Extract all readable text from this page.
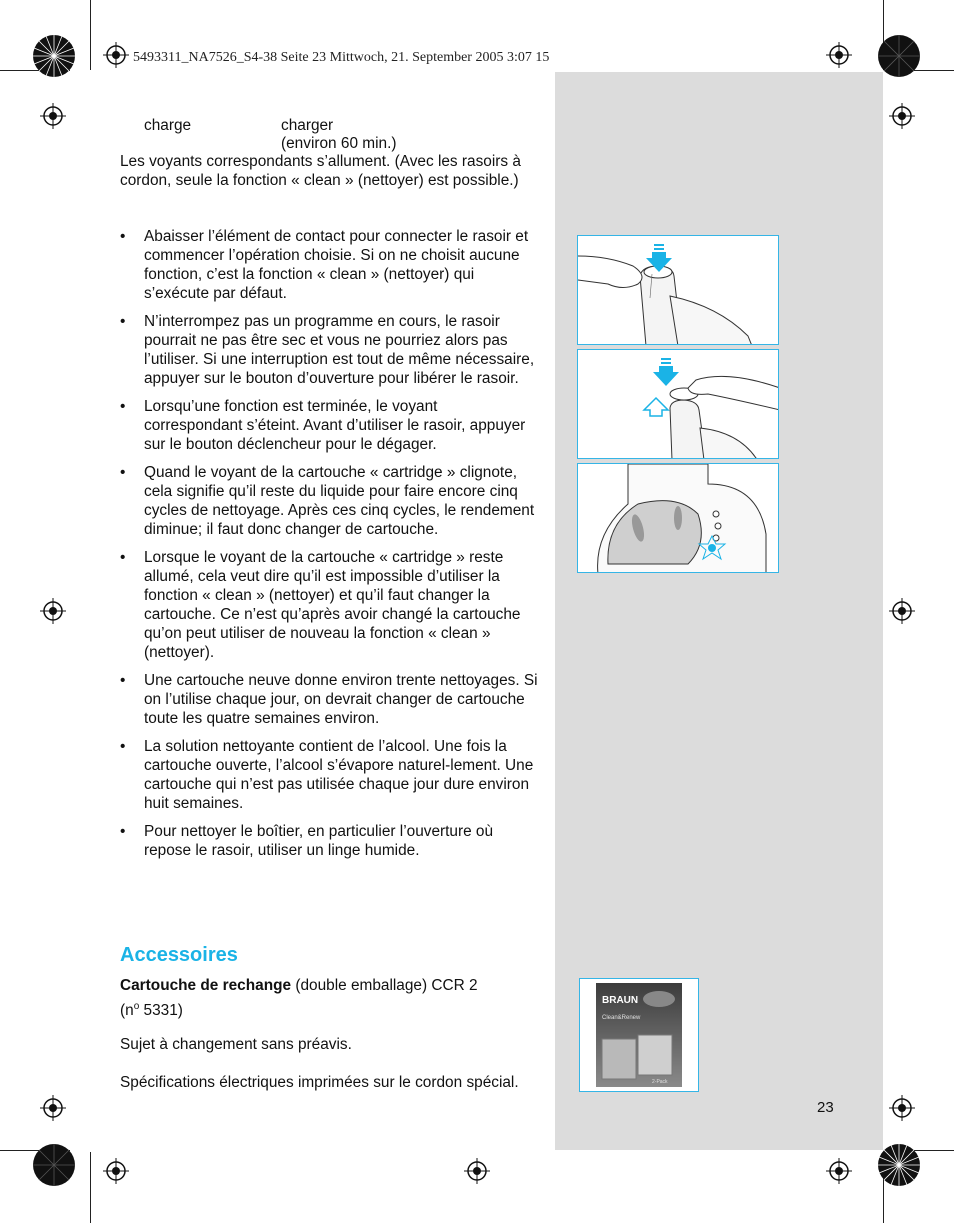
5493311_NA7526_S4-38 Seite 23 Mittwoch, 21. September 2005 3:07 15
charge	charger
(environ 60 min.)
Les voyants correspondants s’allument. (Avec les rasoirs à cordon, seule la fonction « clean » (nettoyer) est possible.)
• Abaisser l’élément de contact pour connecter le rasoir et commencer l’opération choisie. Si on ne choisit aucune fonction, c’est la fonction « clean » (nettoyer) qui s’exécute par défaut.
• N’interrompez pas un programme en cours, le rasoir pourrait ne pas être sec et vous ne pourriez alors pas l’utiliser. Si une interruption est tout de même nécessaire, appuyer sur le bouton d’ouverture pour libérer le rasoir.
• Lorsqu’une fonction est terminée, le voyant correspondant s’éteint. Avant d’utiliser le rasoir, appuyer sur le bouton déclencheur pour le dégager.
• Quand le voyant de la cartouche « cartridge » clignote, cela signifie qu’il reste du liquide pour faire encore cinq cycles de nettoyage. Après ces cinq cycles, le rendement diminue; il faut donc changer de cartouche.
• Lorsque le voyant de la cartouche « cartridge » reste allumé, cela veut dire qu’il est impossible d’utiliser la fonction « clean » (nettoyer) et qu’il faut changer la cartouche. Ce n’est qu’après avoir changé la cartouche qu’on peut utiliser de nouveau la fonction « clean » (nettoyer).
• Une cartouche neuve donne environ trente nettoyages. Si on l’utilise chaque jour, on devrait changer de cartouche toute les quatre semaines environ.
• La solution nettoyante contient de l’alcool. Une fois la cartouche ouverte, l’alcool s’évapore naturel-lement. Une cartouche qui n’est pas utilisée chaque jour dure environ huit semaines.
• Pour nettoyer le boîtier, en particulier l’ouverture où repose le rasoir, utiliser un linge humide.
Accessoires
Cartouche de rechange (double emballage) CCR 2
($n^o$ 5331)
Sujet à changement sans préavis.
Spécifications électriques imprimées sur le cordon spécial.
23
BRAUN
Clean&Renew
2-Pack
